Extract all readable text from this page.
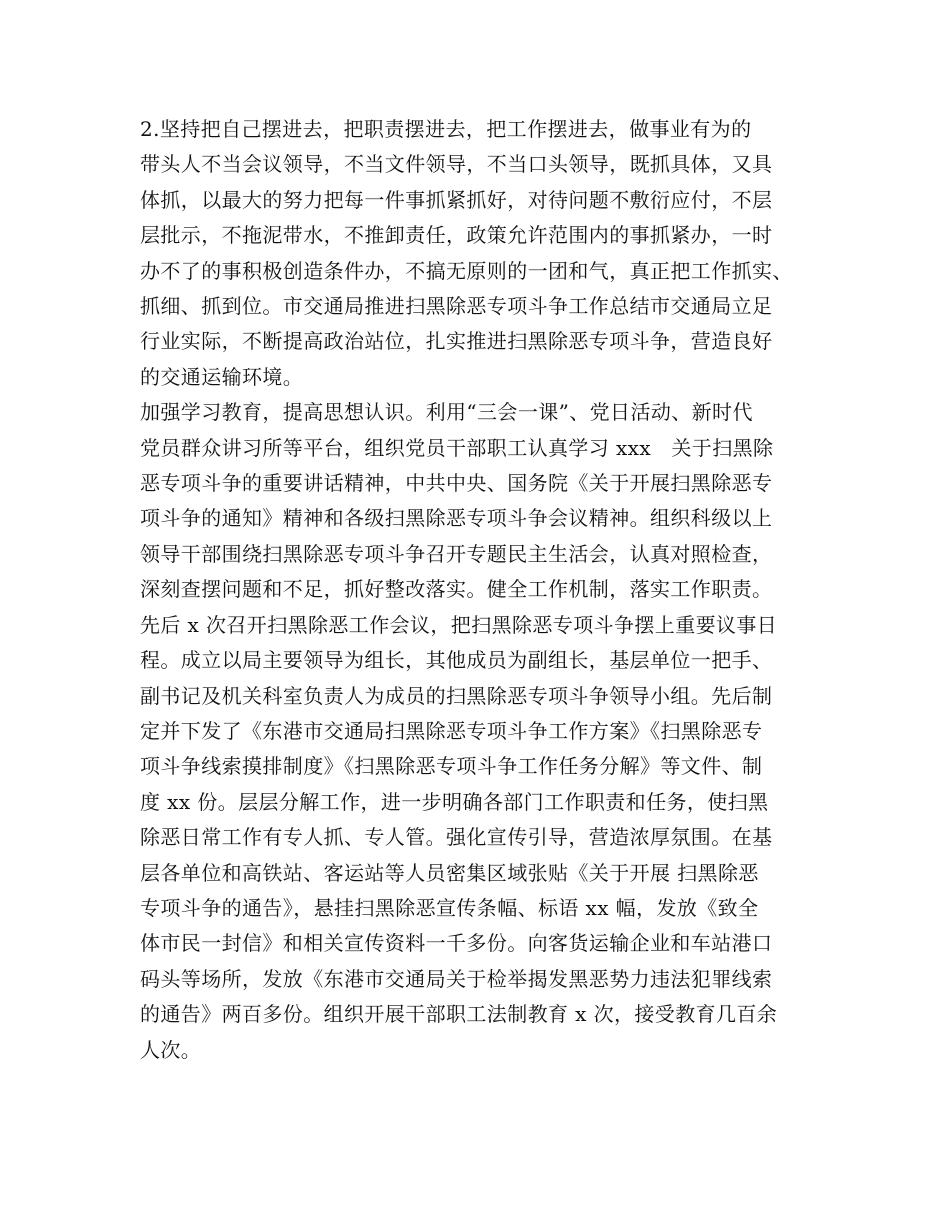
2.坚持把自己摆进去，把职责摆进去，把工作摆进去，做事业有为的
带头人不当会议领导，不当文件领导，不当口头领导，既抓具体，又具
体抓，以最大的努力把每一件事抓紧抓好，对待问题不敷衍应付，不层
层批示，不拖泥带水，不推卸责任，政策允许范围内的事抓紧办，一时
办不了的事积极创造条件办，不搞无原则的一团和气，真正把工作抓实、
抓细、抓到位。市交通局推进扫黑除恶专项斗争工作总结市交通局立足
行业实际，不断提高政治站位，扎实推进扫黑除恶专项斗争，营造良好
的交通运输环境。
加强学习教育，提高思想认识。利用“三会一课”、党日活动、新时代
党员群众讲习所等平台，组织党员干部职工认真学习 xxx　关于扫黑除
恶专项斗争的重要讲话精神，中共中央、国务院《关于开展扫黑除恶专
项斗争的通知》精神和各级扫黑除恶专项斗争会议精神。组织科级以上
领导干部围绕扫黑除恶专项斗争召开专题民主生活会，认真对照检查，
深刻查摆问题和不足，抓好整改落实。健全工作机制，落实工作职责。
先后 x 次召开扫黑除恶工作会议，把扫黑除恶专项斗争摆上重要议事日
程。成立以局主要领导为组长，其他成员为副组长，基层单位一把手、
副书记及机关科室负责人为成员的扫黑除恶专项斗争领导小组。先后制
定并下发了《东港市交通局扫黑除恶专项斗争工作方案》《扫黑除恶专
项斗争线索摸排制度》《扫黑除恶专项斗争工作任务分解》等文件、制
度 xx 份。层层分解工作，进一步明确各部门工作职责和任务，使扫黑
除恶日常工作有专人抓、专人管。强化宣传引导，营造浓厚氛围。在基
层各单位和高铁站、客运站等人员密集区域张贴《关于开展 扫黑除恶
专项斗争的通告》，悬挂扫黑除恶宣传条幅、标语 xx 幅，发放《致全
体市民一封信》和相关宣传资料一千多份。向客货运输企业和车站港口
码头等场所，发放《东港市交通局关于检举揭发黑恶势力违法犯罪线索
的通告》两百多份。组织开展干部职工法制教育 x 次，接受教育几百余
人次。
